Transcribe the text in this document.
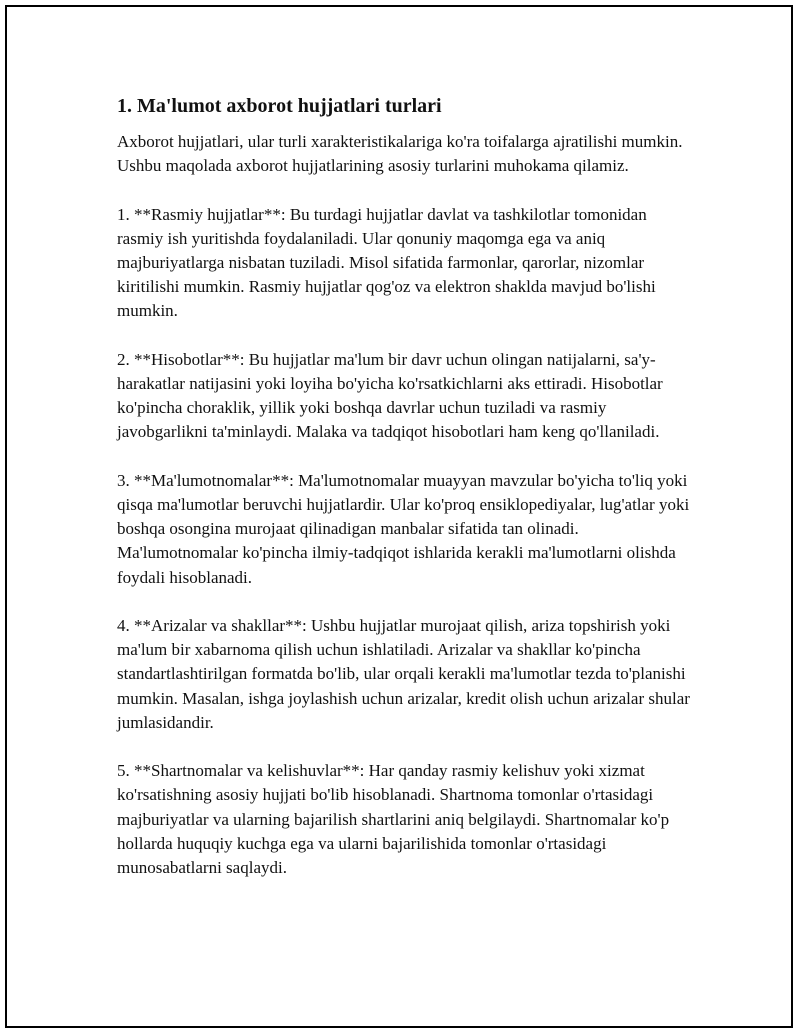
1. Ma'lumot axborot hujjatlari turlari

Axborot hujjatlari, ular turli xarakteristikalariga ko'ra toifalarga ajratilishi mumkin. Ushbu maqolada axborot hujjatlarining asosiy turlarini muhokama qilamiz.

1. **Rasmiy hujjatlar**: Bu turdagi hujjatlar davlat va tashkilotlar tomonidan rasmiy ish yuritishda foydalaniladi. Ular qonuniy maqomga ega va aniq majburiyatlarga nisbatan tuziladi. Misol sifatida farmonlar, qarorlar, nizomlar kiritilishi mumkin. Rasmiy hujjatlar qog'oz va elektron shaklda mavjud bo'lishi mumkin.

2. **Hisobotlar**: Bu hujjatlar ma'lum bir davr uchun olingan natijalarni, sa'y-harakatlar natijasini yoki loyiha bo'yicha ko'rsatkichlarni aks ettiradi. Hisobotlar ko'pincha choraklik, yillik yoki boshqa davrlar uchun tuziladi va rasmiy javobgarlikni ta'minlaydi. Malaka va tadqiqot hisobotlari ham keng qo'llaniladi.

3. **Ma'lumotnomalar**: Ma'lumotnomalar muayyan mavzular bo'yicha to'liq yoki qisqa ma'lumotlar beruvchi hujjatlardir. Ular ko'proq ensiklopediyalar, lug'atlar yoki boshqa osongina murojaat qilinadigan manbalar sifatida tan olinadi. Ma'lumotnomalar ko'pincha ilmiy-tadqiqot ishlarida kerakli ma'lumotlarni olishda foydali hisoblanadi.

4. **Arizalar va shakllar**: Ushbu hujjatlar murojaat qilish, ariza topshirish yoki ma'lum bir xabarnoma qilish uchun ishlatiladi. Arizalar va shakllar ko'pincha standartlashtirilgan formatda bo'lib, ular orqali kerakli ma'lumotlar tezda to'planishi mumkin. Masalan, ishga joylashish uchun arizalar, kredit olish uchun arizalar shular jumlasidandir.

5. **Shartnomalar va kelishuvlar**: Har qanday rasmiy kelishuv yoki xizmat ko'rsatishning asosiy hujjati bo'lib hisoblanadi. Shartnoma tomonlar o'rtasidagi majburiyatlar va ularning bajarilish shartlarini aniq belgilaydi. Shartnomalar ko'p hollarda huquqiy kuchga ega va ularni bajarilishida tomonlar o'rtasidagi munosabatlarni saqlaydi.
